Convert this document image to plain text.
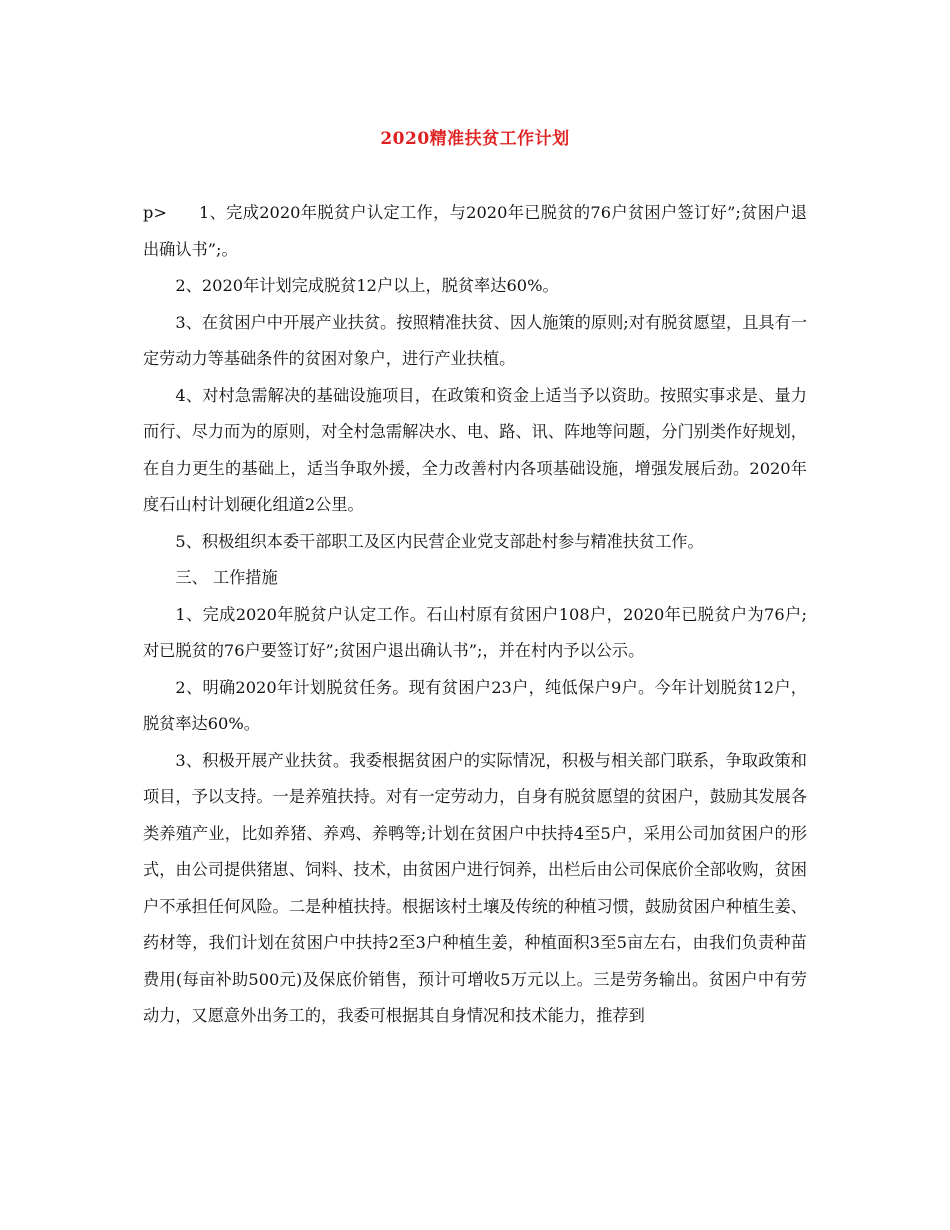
2020精准扶贫工作计划

p> 1、完成2020年脱贫户认定工作，与2020年已脱贫的76户贫困户签订好”;贫困户退出确认书”;。

2、2020年计划完成脱贫12户以上，脱贫率达60%。

3、在贫困户中开展产业扶贫。按照精准扶贫、因人施策的原则;对有脱贫愿望，且具有一定劳动力等基础条件的贫困对象户，进行产业扶植。

4、对村急需解决的基础设施项目，在政策和资金上适当予以资助。按照实事求是、量力而行、尽力而为的原则，对全村急需解决水、电、路、讯、阵地等问题，分门别类作好规划，在自力更生的基础上，适当争取外援，全力改善村内各项基础设施，增强发展后劲。2020年度石山村计划硬化组道2公里。

5、积极组织本委干部职工及区内民营企业党支部赴村参与精准扶贫工作。

三、 工作措施

1、完成2020年脱贫户认定工作。石山村原有贫困户108户，2020年已脱贫户为76户;对已脱贫的76户要签订好”;贫困户退出确认书”;，并在村内予以公示。

2、明确2020年计划脱贫任务。现有贫困户23户，纯低保户9户。今年计划脱贫12户，脱贫率达60%。

3、积极开展产业扶贫。我委根据贫困户的实际情况，积极与相关部门联系，争取政策和项目，予以支持。一是养殖扶持。对有一定劳动力，自身有脱贫愿望的贫困户，鼓励其发展各类养殖产业，比如养猪、养鸡、养鸭等;计划在贫困户中扶持4至5户，采用公司加贫困户的形式，由公司提供猪崽、饲料、技术，由贫困户进行饲养，出栏后由公司保底价全部收购，贫困户不承担任何风险。二是种植扶持。根据该村土壤及传统的种植习惯，鼓励贫困户种植生姜、药材等，我们计划在贫困户中扶持2至3户种植生姜，种植面积3至5亩左右，由我们负责种苗费用(每亩补助500元)及保底价销售，预计可增收5万元以上。三是劳务输出。贫困户中有劳动力，又愿意外出务工的，我委可根据其自身情况和技术能力，推荐到
